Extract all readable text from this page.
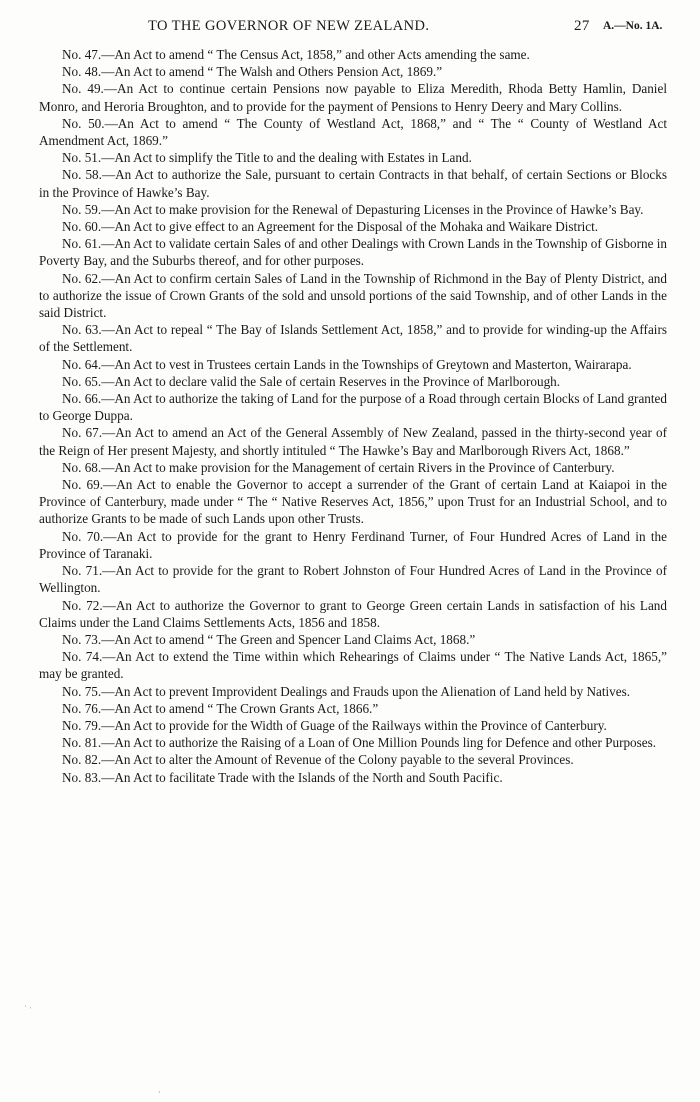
TO THE GOVERNOR OF NEW ZEALAND.	27 A.—No. 1A.

No. 47.—An Act to amend “ The Census Act, 1858,” and other Acts amending the same.

No. 48.—An Act to amend “ The Walsh and Others Pension Act, 1869.”

No. 49.—An Act to continue certain Pensions now payable to Eliza Meredith, Rhoda Betty Hamlin, Daniel Monro, and Heroria Broughton, and to provide for the payment of Pensions to Henry Deery and Mary Collins.

No. 50.—An Act to amend “ The County of Westland Act, 1868,” and “ The “ County of Westland Act Amendment Act, 1869.”

No. 51.—An Act to simplify the Title to and the dealing with Estates in Land.

No. 58.—An Act to authorize the Sale, pursuant to certain Contracts in that behalf, of certain Sections or Blocks in the Province of Hawke’s Bay.

No. 59.—An Act to make provision for the Renewal of Depasturing Licenses in the Province of Hawke’s Bay.

No. 60.—An Act to give effect to an Agreement for the Disposal of the Mohaka and Waikare District.

No. 61.—An Act to validate certain Sales of and other Dealings with Crown Lands in the Township of Gisborne in Poverty Bay, and the Suburbs thereof, and for other purposes.

No. 62.—An Act to confirm certain Sales of Land in the Township of Richmond in the Bay of Plenty District, and to authorize the issue of Crown Grants of the sold and unsold portions of the said Township, and of other Lands in the said District.

No. 63.—An Act to repeal “ The Bay of Islands Settlement Act, 1858,” and to provide for winding-up the Affairs of the Settlement.

No. 64.—An Act to vest in Trustees certain Lands in the Townships of Greytown and Masterton, Wairarapa.

No. 65.—An Act to declare valid the Sale of certain Reserves in the Province of Marlborough.

No. 66.—An Act to authorize the taking of Land for the purpose of a Road through certain Blocks of Land granted to George Duppa.

No. 67.—An Act to amend an Act of the General Assembly of New Zealand, passed in the thirty-second year of the Reign of Her present Majesty, and shortly intituled “ The Hawke’s Bay and Marlborough Rivers Act, 1868.”

No. 68.—An Act to make provision for the Management of certain Rivers in the Province of Canterbury.

No. 69.—An Act to enable the Governor to accept a surrender of the Grant of certain Land at Kaiapoi in the Province of Canterbury, made under “ The “ Native Reserves Act, 1856,” upon Trust for an Industrial School, and to authorize Grants to be made of such Lands upon other Trusts.

No. 70.—An Act to provide for the grant to Henry Ferdinand Turner, of Four Hundred Acres of Land in the Province of Taranaki.

No. 71.—An Act to provide for the grant to Robert Johnston of Four Hundred Acres of Land in the Province of Wellington.

No. 72.—An Act to authorize the Governor to grant to George Green certain Lands in satisfaction of his Land Claims under the Land Claims Settlements Acts, 1856 and 1858.

No. 73.—An Act to amend “ The Green and Spencer Land Claims Act, 1868.”

No. 74.—An Act to extend the Time within which Rehearings of Claims under “ The Native Lands Act, 1865,” may be granted.

No. 75.—An Act to prevent Improvident Dealings and Frauds upon the Alienation of Land held by Natives.

No. 76.—An Act to amend “ The Crown Grants Act, 1866.”

No. 79.—An Act to provide for the Width of Guage of the Railways within the Province of Canterbury.

No. 81.—An Act to authorize the Raising of a Loan of One Million Pounds ling for Defence and other Purposes.

No. 82.—An Act to alter the Amount of Revenue of the Colony payable to the several Provinces.

No. 83.—An Act to facilitate Trade with the Islands of the North and South Pacific.

ʿ ˑ
·
